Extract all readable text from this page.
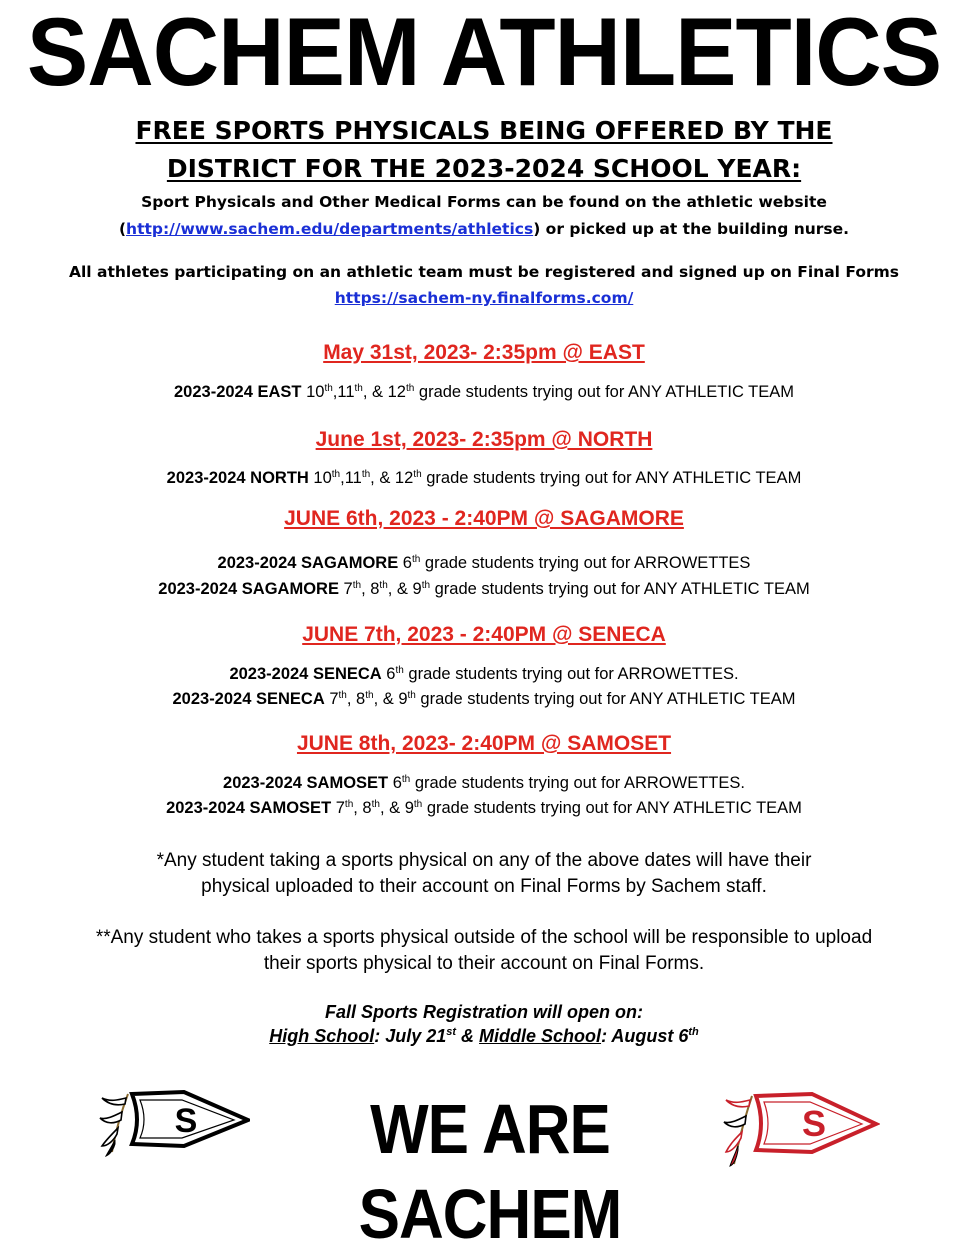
SACHEM ATHLETICS
FREE SPORTS PHYSICALS BEING OFFERED BY THE
DISTRICT FOR THE 2023-2024 SCHOOL YEAR:
Sport Physicals and Other Medical Forms can be found on the athletic website
(http://www.sachem.edu/departments/athletics) or picked up at the building nurse.
All athletes participating on an athletic team must be registered and signed up on Final Forms
https://sachem-ny.finalforms.com/
May 31st, 2023- 2:35pm @ EAST
2023-2024 EAST 10th,11th, & 12th grade students trying out for ANY ATHLETIC TEAM
June 1st, 2023- 2:35pm @ NORTH
2023-2024 NORTH 10th,11th, & 12th grade students trying out for ANY ATHLETIC TEAM
JUNE 6th, 2023 - 2:40PM @ SAGAMORE
2023-2024 SAGAMORE 6th grade students trying out for ARROWETTES
2023-2024 SAGAMORE 7th, 8th, & 9th grade students trying out for ANY ATHLETIC TEAM
JUNE 7th, 2023 - 2:40PM @ SENECA
2023-2024 SENECA 6th grade students trying out for ARROWETTES.
2023-2024 SENECA 7th, 8th, & 9th grade students trying out for ANY ATHLETIC TEAM
JUNE 8th, 2023- 2:40PM @ SAMOSET
2023-2024 SAMOSET 6th grade students trying out for ARROWETTES.
2023-2024 SAMOSET 7th, 8th, & 9th grade students trying out for ANY ATHLETIC TEAM
*Any student taking a sports physical on any of the above dates will have their
physical uploaded to their account on Final Forms by Sachem staff.
**Any student who takes a sports physical outside of the school will be responsible to upload
their sports physical to their account on Final Forms.
Fall Sports Registration will open on:
High School: July 21st & Middle School: August 6th
S	WE ARE SACHEM
S
